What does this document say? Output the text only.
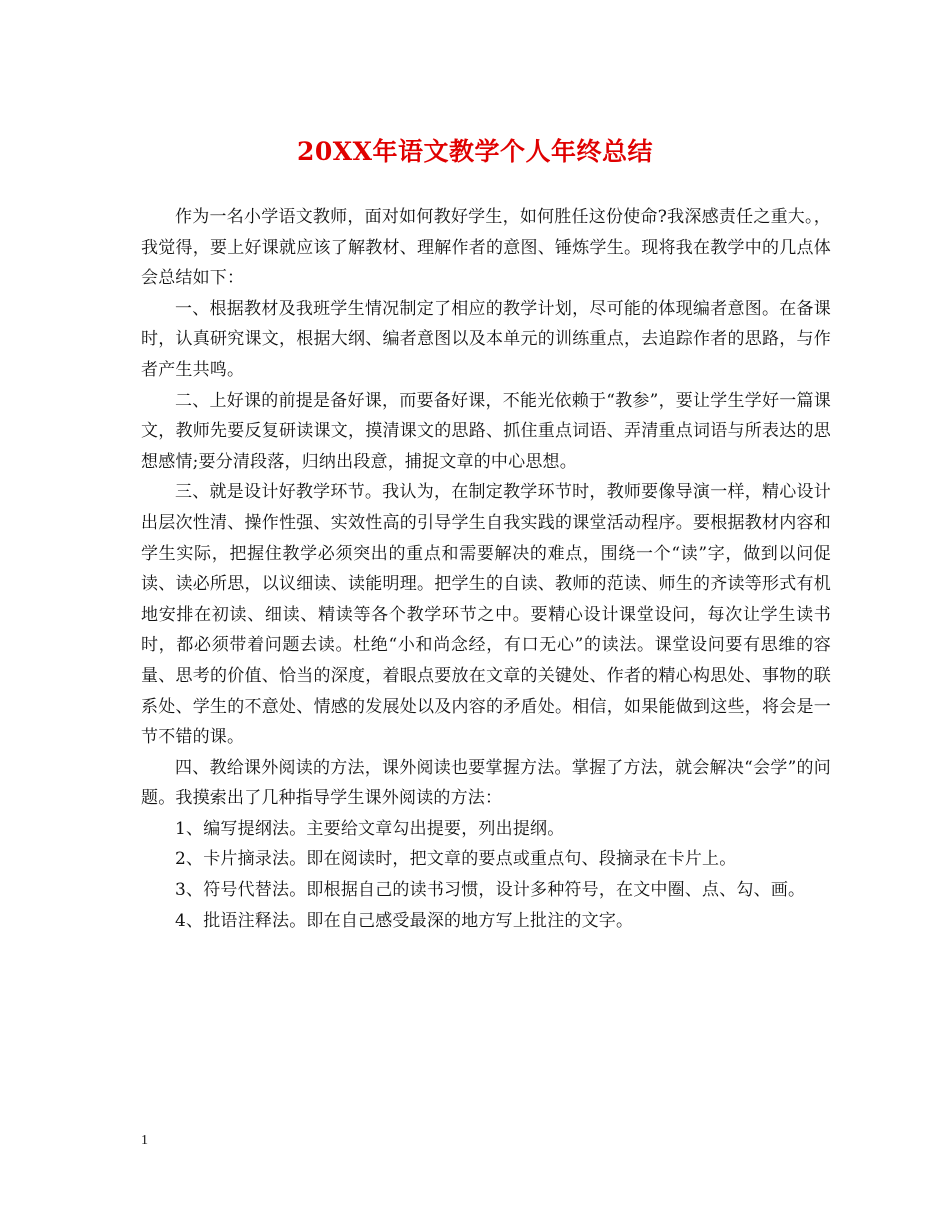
20XX年语文教学个人年终总结

作为一名小学语文教师，面对如何教好学生，如何胜任这份使命?我深感责任之重大。，我觉得，要上好课就应该了解教材、理解作者的意图、锤炼学生。现将我在教学中的几点体会总结如下：

一、根据教材及我班学生情况制定了相应的教学计划，尽可能的体现编者意图。在备课时，认真研究课文，根据大纲、编者意图以及本单元的训练重点，去追踪作者的思路，与作者产生共鸣。

二、上好课的前提是备好课，而要备好课，不能光依赖于“教参”，要让学生学好一篇课文，教师先要反复研读课文，摸清课文的思路、抓住重点词语、弄清重点词语与所表达的思想感情;要分清段落，归纳出段意，捕捉文章的中心思想。

三、就是设计好教学环节。我认为，在制定教学环节时，教师要像导演一样，精心设计出层次性清、操作性强、实效性高的引导学生自我实践的课堂活动程序。要根据教材内容和学生实际，把握住教学必须突出的重点和需要解决的难点，围绕一个“读”字，做到以问促读、读必所思，以议细读、读能明理。把学生的自读、教师的范读、师生的齐读等形式有机地安排在初读、细读、精读等各个教学环节之中。要精心设计课堂设问，每次让学生读书时，都必须带着问题去读。杜绝“小和尚念经，有口无心”的读法。课堂设问要有思维的容量、思考的价值、恰当的深度，着眼点要放在文章的关键处、作者的精心构思处、事物的联系处、学生的不意处、情感的发展处以及内容的矛盾处。相信，如果能做到这些，将会是一节不错的课。

四、教给课外阅读的方法，课外阅读也要掌握方法。掌握了方法，就会解决“会学”的问题。我摸索出了几种指导学生课外阅读的方法：

1、编写提纲法。主要给文章勾出提要，列出提纲。

2、卡片摘录法。即在阅读时，把文章的要点或重点句、段摘录在卡片上。

3、符号代替法。即根据自己的读书习惯，设计多种符号，在文中圈、点、勾、画。

4、批语注释法。即在自己感受最深的地方写上批注的文字。

1
